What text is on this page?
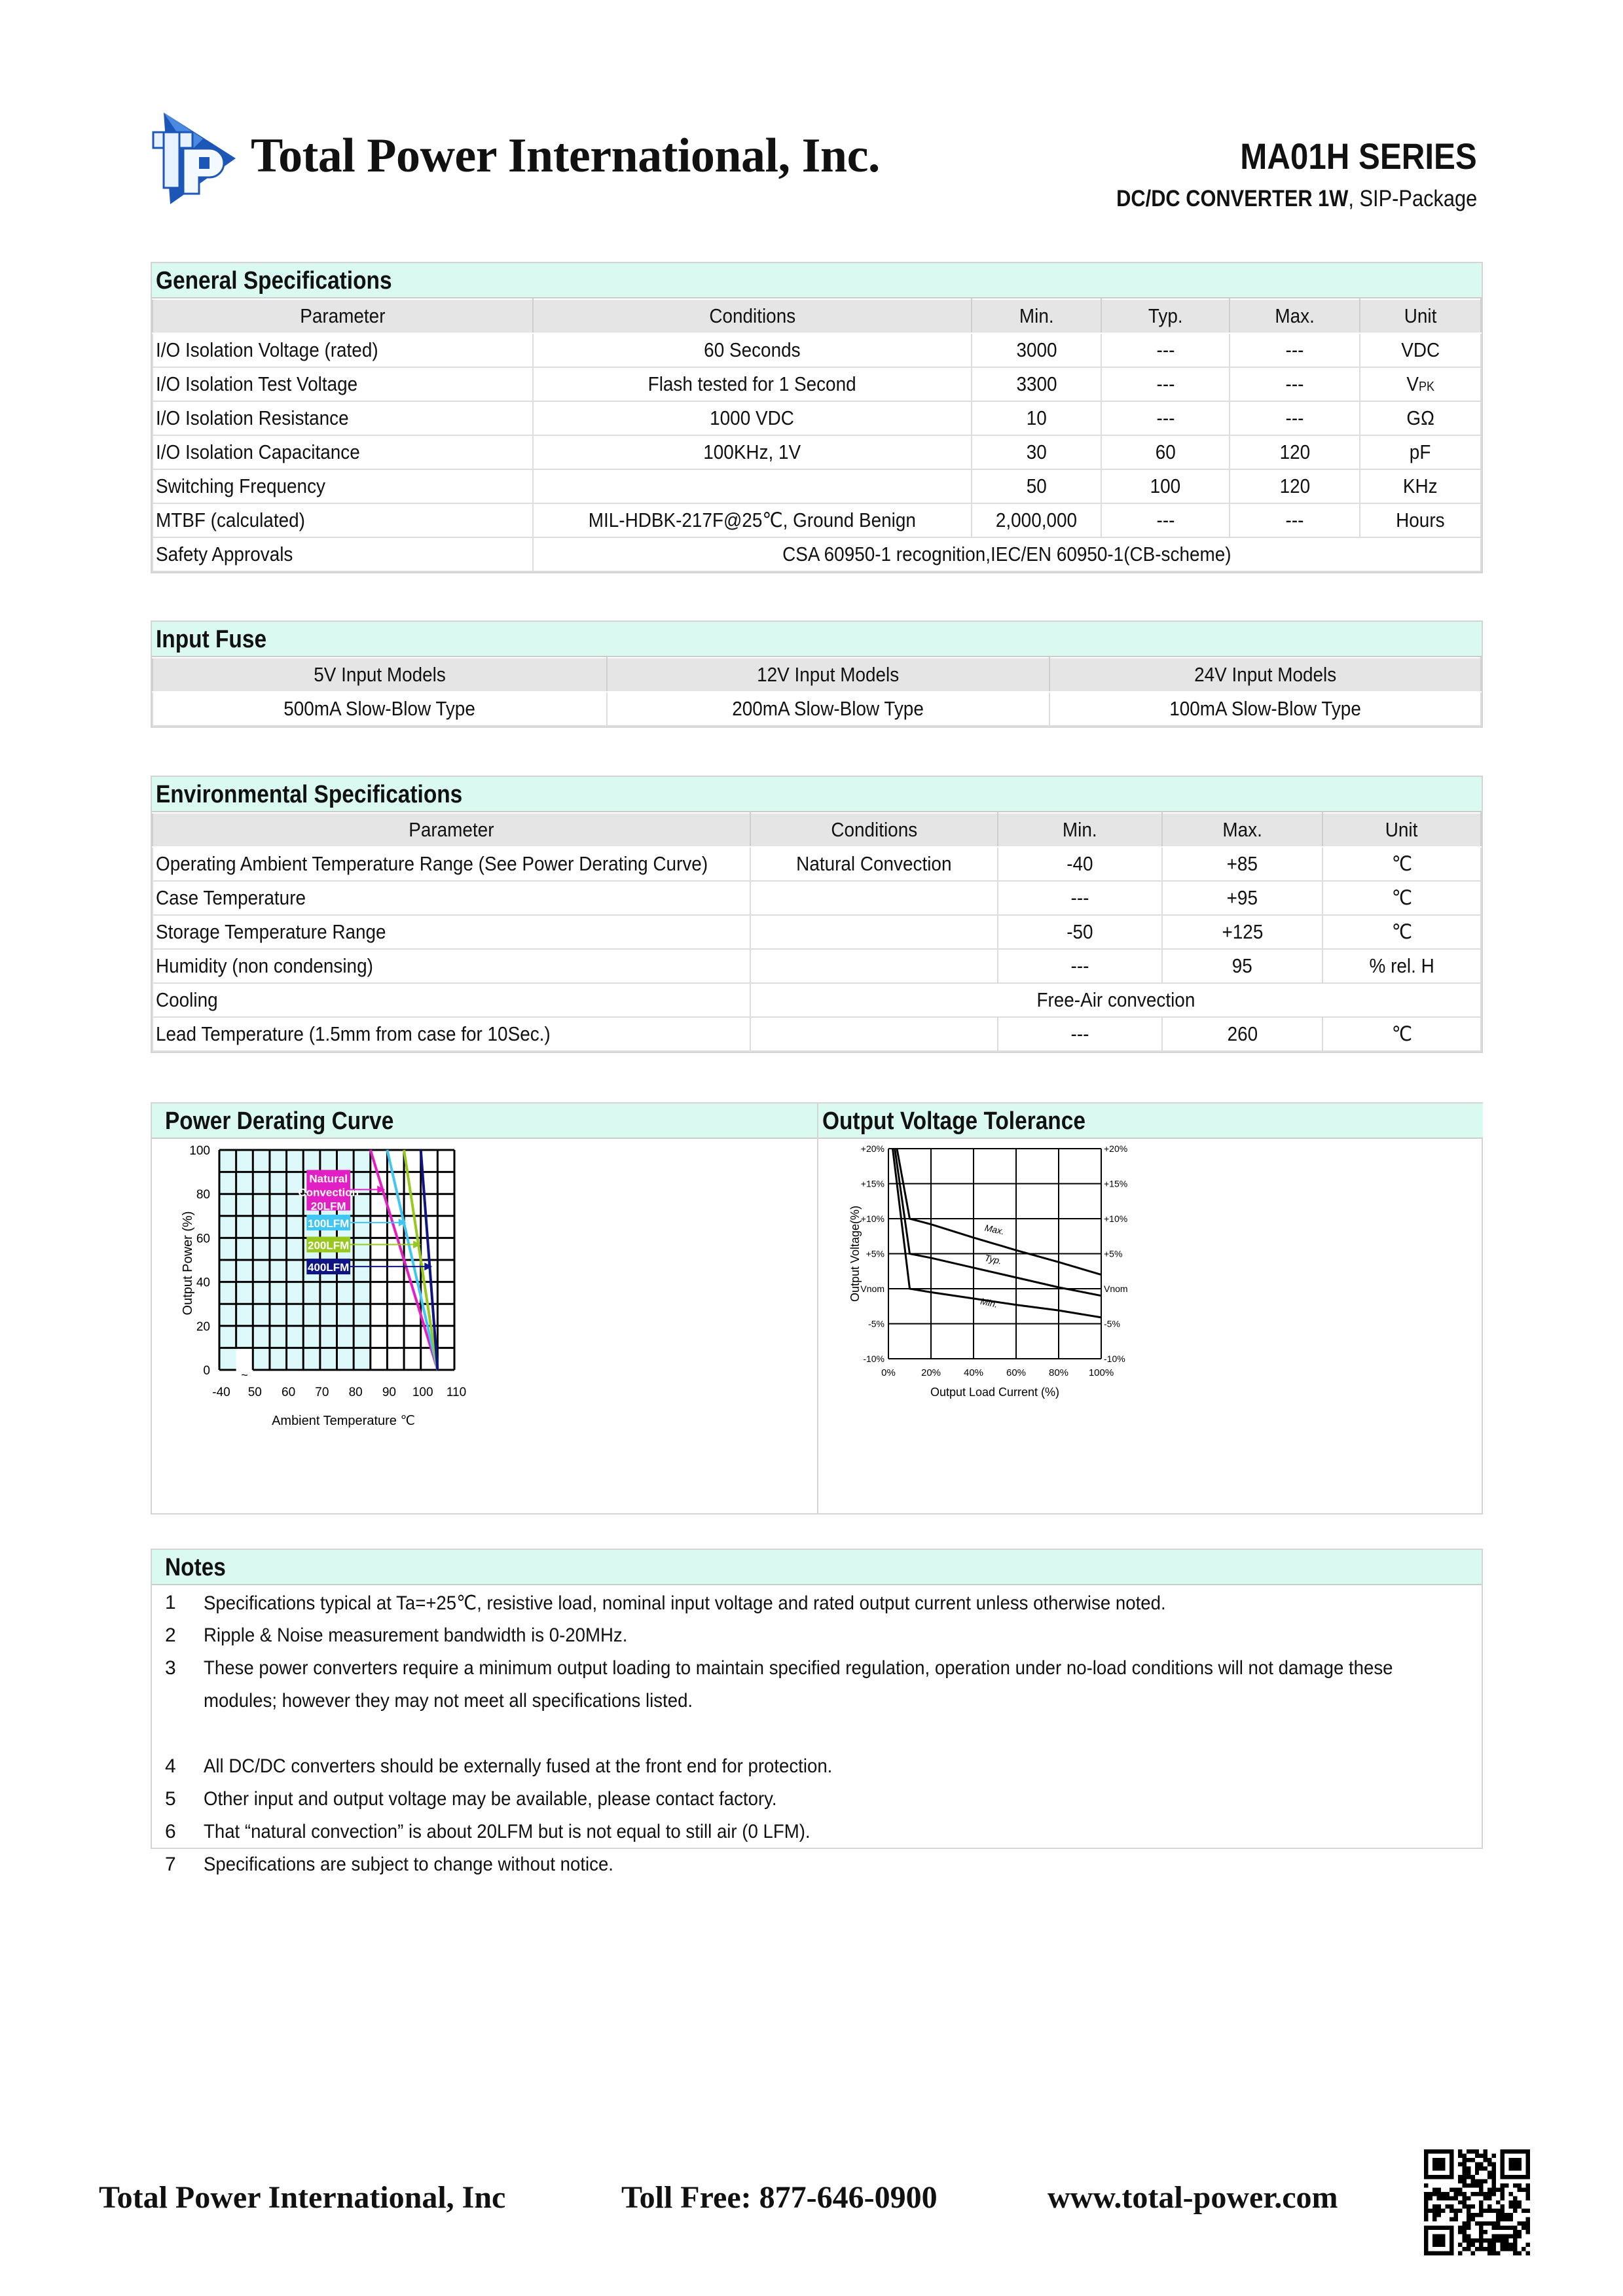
Total Power International, Inc.	MA01H SERIES
DC/DC CONVERTER 1W, SIP-Package
General Specifications
Parameter	Conditions	Min.	Typ.	Max.	Unit
I/O Isolation Voltage (rated)	60 Seconds	3000	---	---	VDC
I/O Isolation Test Voltage	Flash tested for 1 Second	3300	---	---	VPK
I/O Isolation Resistance	1000 VDC	10	---	---	GΩ
I/O Isolation Capacitance	100KHz, 1V	30	60	120	pF
Switching Frequency		50	100	120	KHz
MTBF (calculated)	MIL-HDBK-217F@25℃, Ground Benign	2,000,000	---	---	Hours
Safety Approvals	CSA 60950-1 recognition,IEC/EN 60950-1(CB-scheme)				
Input Fuse
5V Input Models	12V Input Models	24V Input Models
500mA Slow-Blow Type	200mA Slow-Blow Type	100mA Slow-Blow Type
Environmental Specifications
Parameter	Conditions	Min.	Max.	Unit
Operating Ambient Temperature Range (See Power Derating Curve)	Natural Convection	-40	+85	℃
Case Temperature		---	+95	℃
Storage Temperature Range		-50	+125	℃
Humidity (non condensing)		---	95	% rel. H
Cooling	Free-Air convection			
Lead Temperature (1.5mm from case for 10Sec.)		---	260	℃
Power Derating Curve
~
-40 50 60 70 80 90 100 110
0
20
40
60
80
100
Ambient Temperature ℃
Output Power (%)
Natural
Convection
20LFM
100LFM
200LFM
400LFM
Output Voltage Tolerance
-10%	-10%
-5%	-5%
Vnom	Vnom
+5%	+5%
+10%	+10%
+15%	+15%
+20%	+20%
0%	20% 40% 60% 80% 100%
Output Load Current (%)
Output Voltage(%)	Max.
Typ.
Min.
Notes
1 Specifications typical at Ta=+25℃, resistive load, nominal input voltage and rated output current unless otherwise noted.
2 Ripple & Noise measurement bandwidth is 0-20MHz.
3 These power converters require a minimum output loading to maintain specified regulation, operation under no-load conditions will not damage these
modules; however they may not meet all specifications listed.
4 All DC/DC converters should be externally fused at the front end for protection.
5 Other input and output voltage may be available, please contact factory.
6 That “natural convection” is about 20LFM but is not equal to still air (0 LFM).
7 Specifications are subject to change without notice.
Total Power International, Inc	Toll Free: 877-646-0900	www.total-power.com
